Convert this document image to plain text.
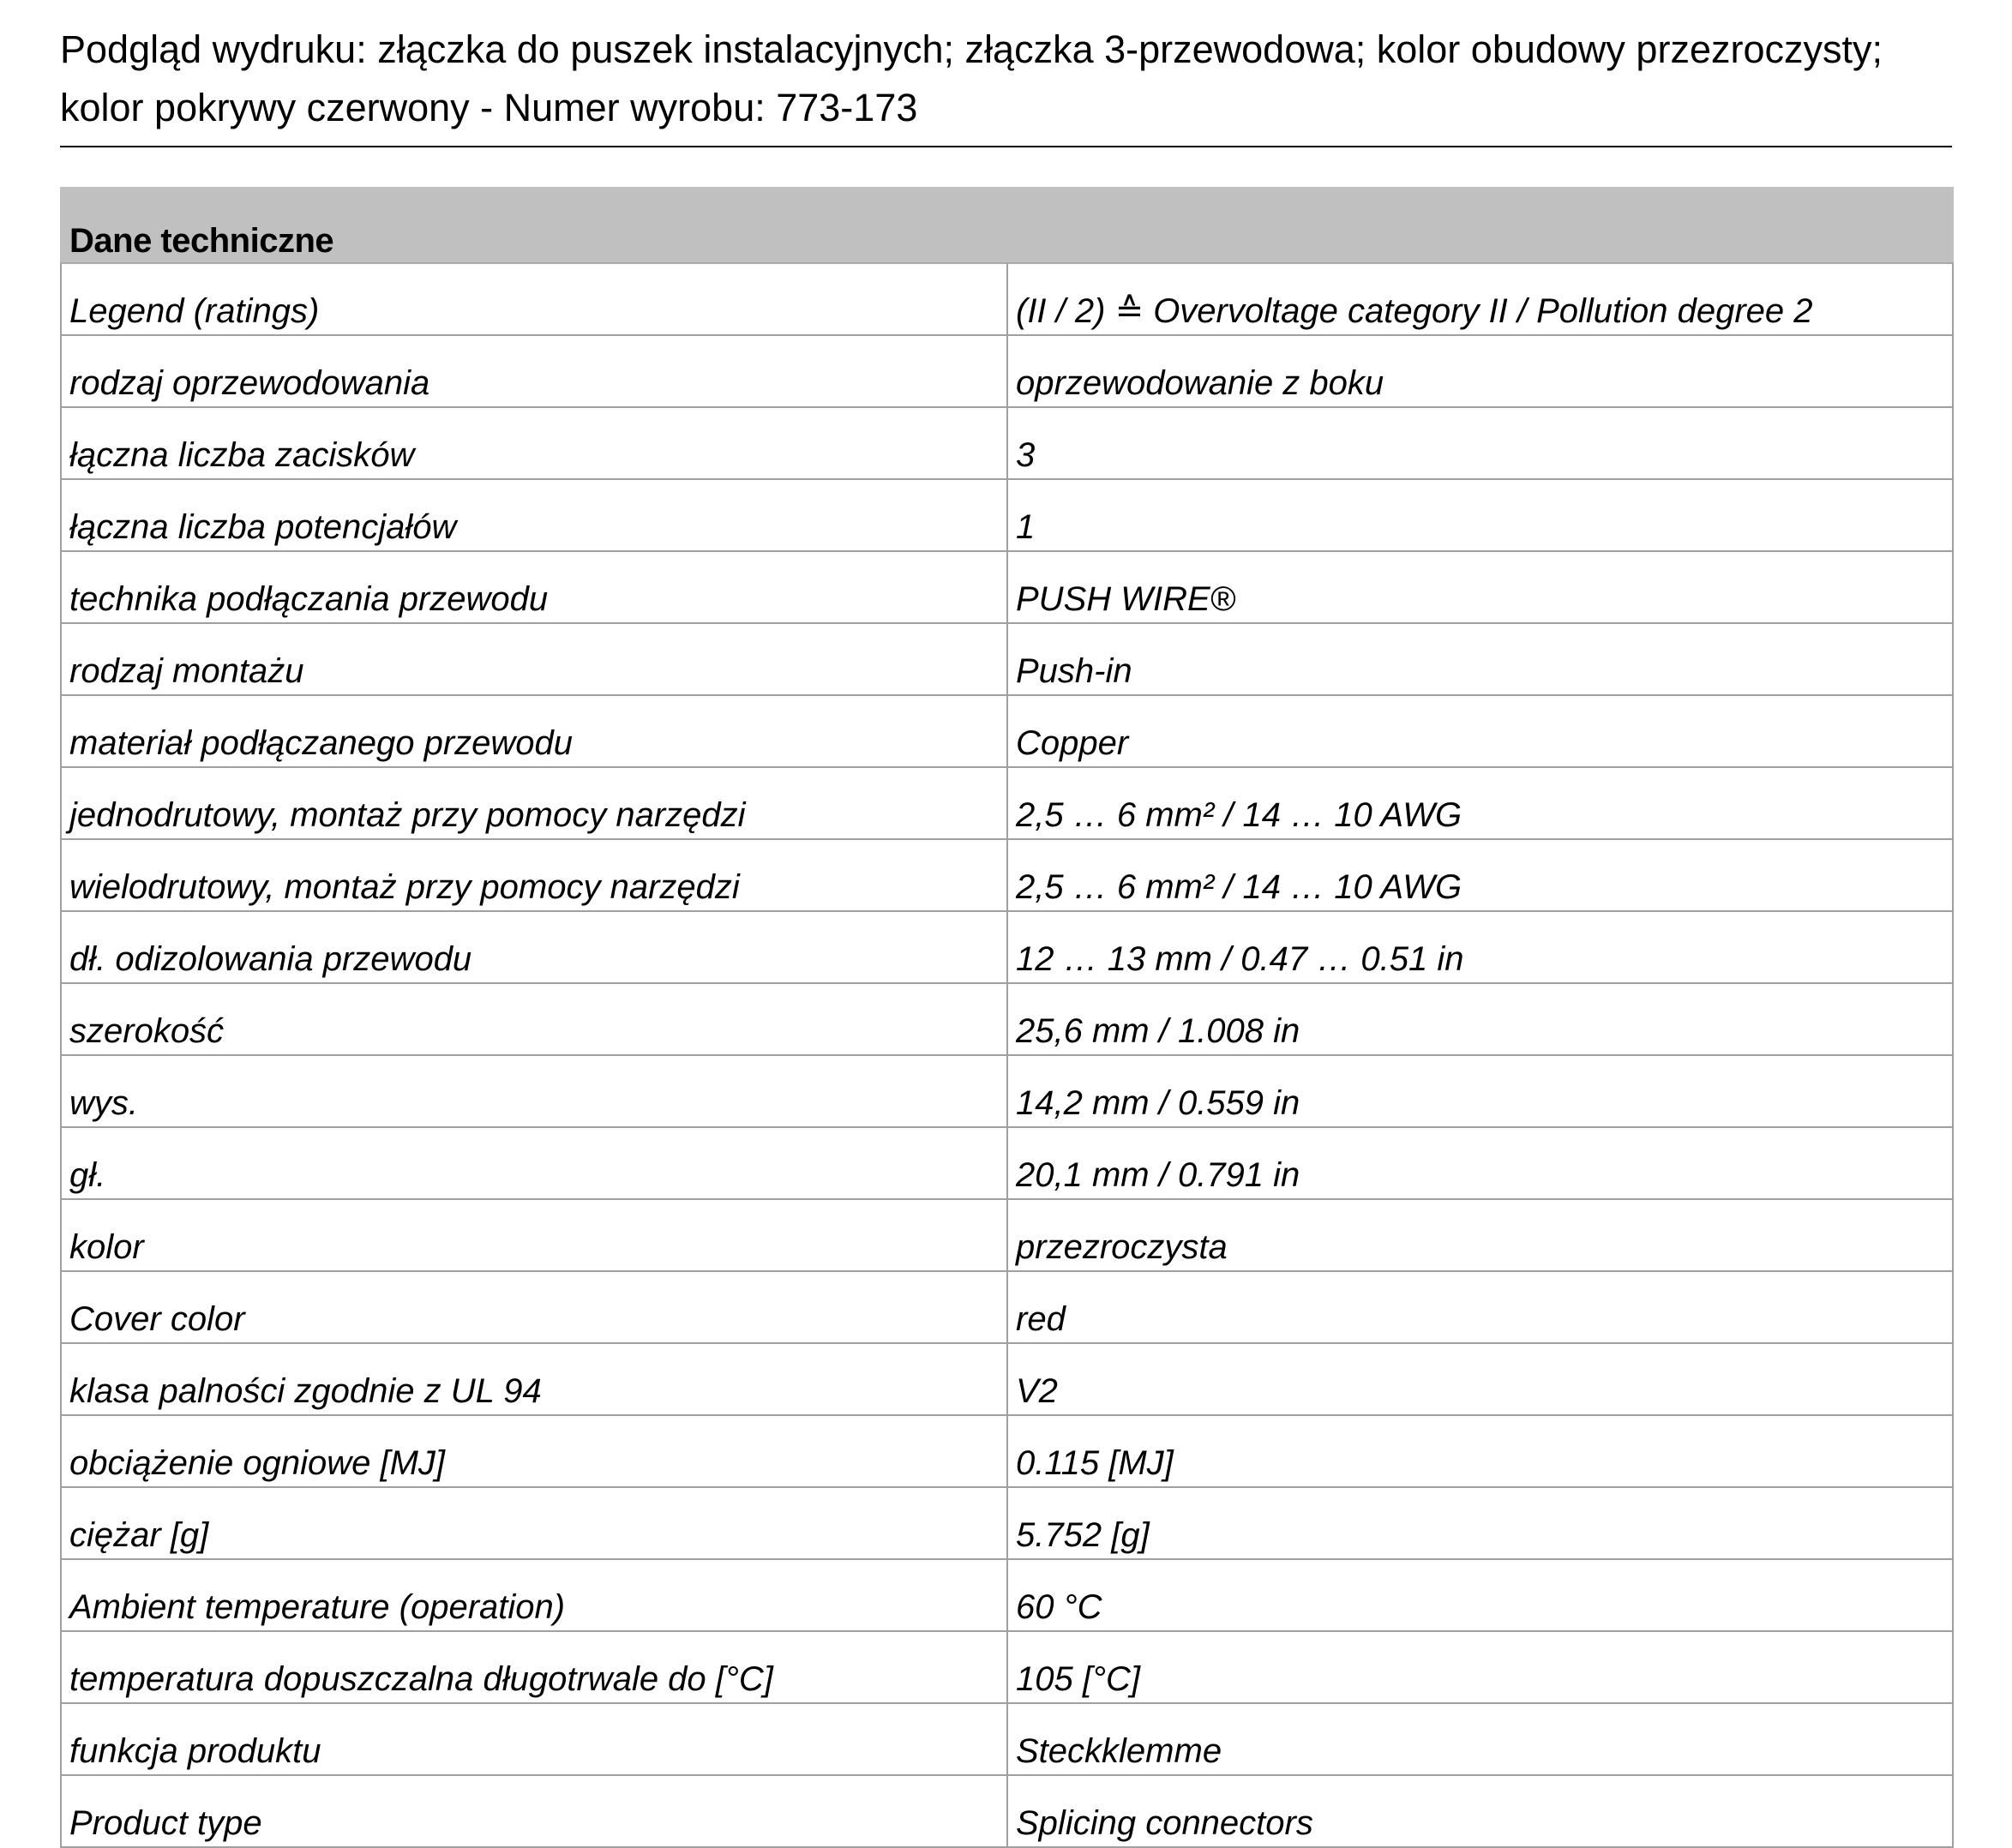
Podgląd wydruku: złączka do puszek instalacyjnych; złączka 3-przewodowa; kolor obudowy przezroczysty; kolor pokrywy czerwony - Numer wyrobu: 773-173
Dane techniczne	
Legend (ratings)	(II / 2) ≙ Overvoltage category II / Pollution degree 2
rodzaj oprzewodowania	oprzewodowanie z boku
łączna liczba zacisków	3
łączna liczba potencjałów	1
technika podłączania przewodu	PUSH WIRE®
rodzaj montażu	Push-in
materiał podłączanego przewodu	Copper
jednodrutowy, montaż przy pomocy narzędzi	2,5 … 6 mm² / 14 … 10 AWG
wielodrutowy, montaż przy pomocy narzędzi	2,5 … 6 mm² / 14 … 10 AWG
dł. odizolowania przewodu	12 … 13 mm / 0.47 … 0.51 in
szerokość	25,6 mm / 1.008 in
wys.	14,2 mm / 0.559 in
gł.	20,1 mm / 0.791 in
kolor	przezroczysta
Cover color	red
klasa palności zgodnie z UL 94	V2
obciążenie ogniowe [MJ]	0.115 [MJ]
ciężar [g]	5.752 [g]
Ambient temperature (operation)	60 °C
temperatura dopuszczalna długotrwale do [°C]	105 [°C]
funkcja produktu	Steckklemme
Product type	Splicing connectors
